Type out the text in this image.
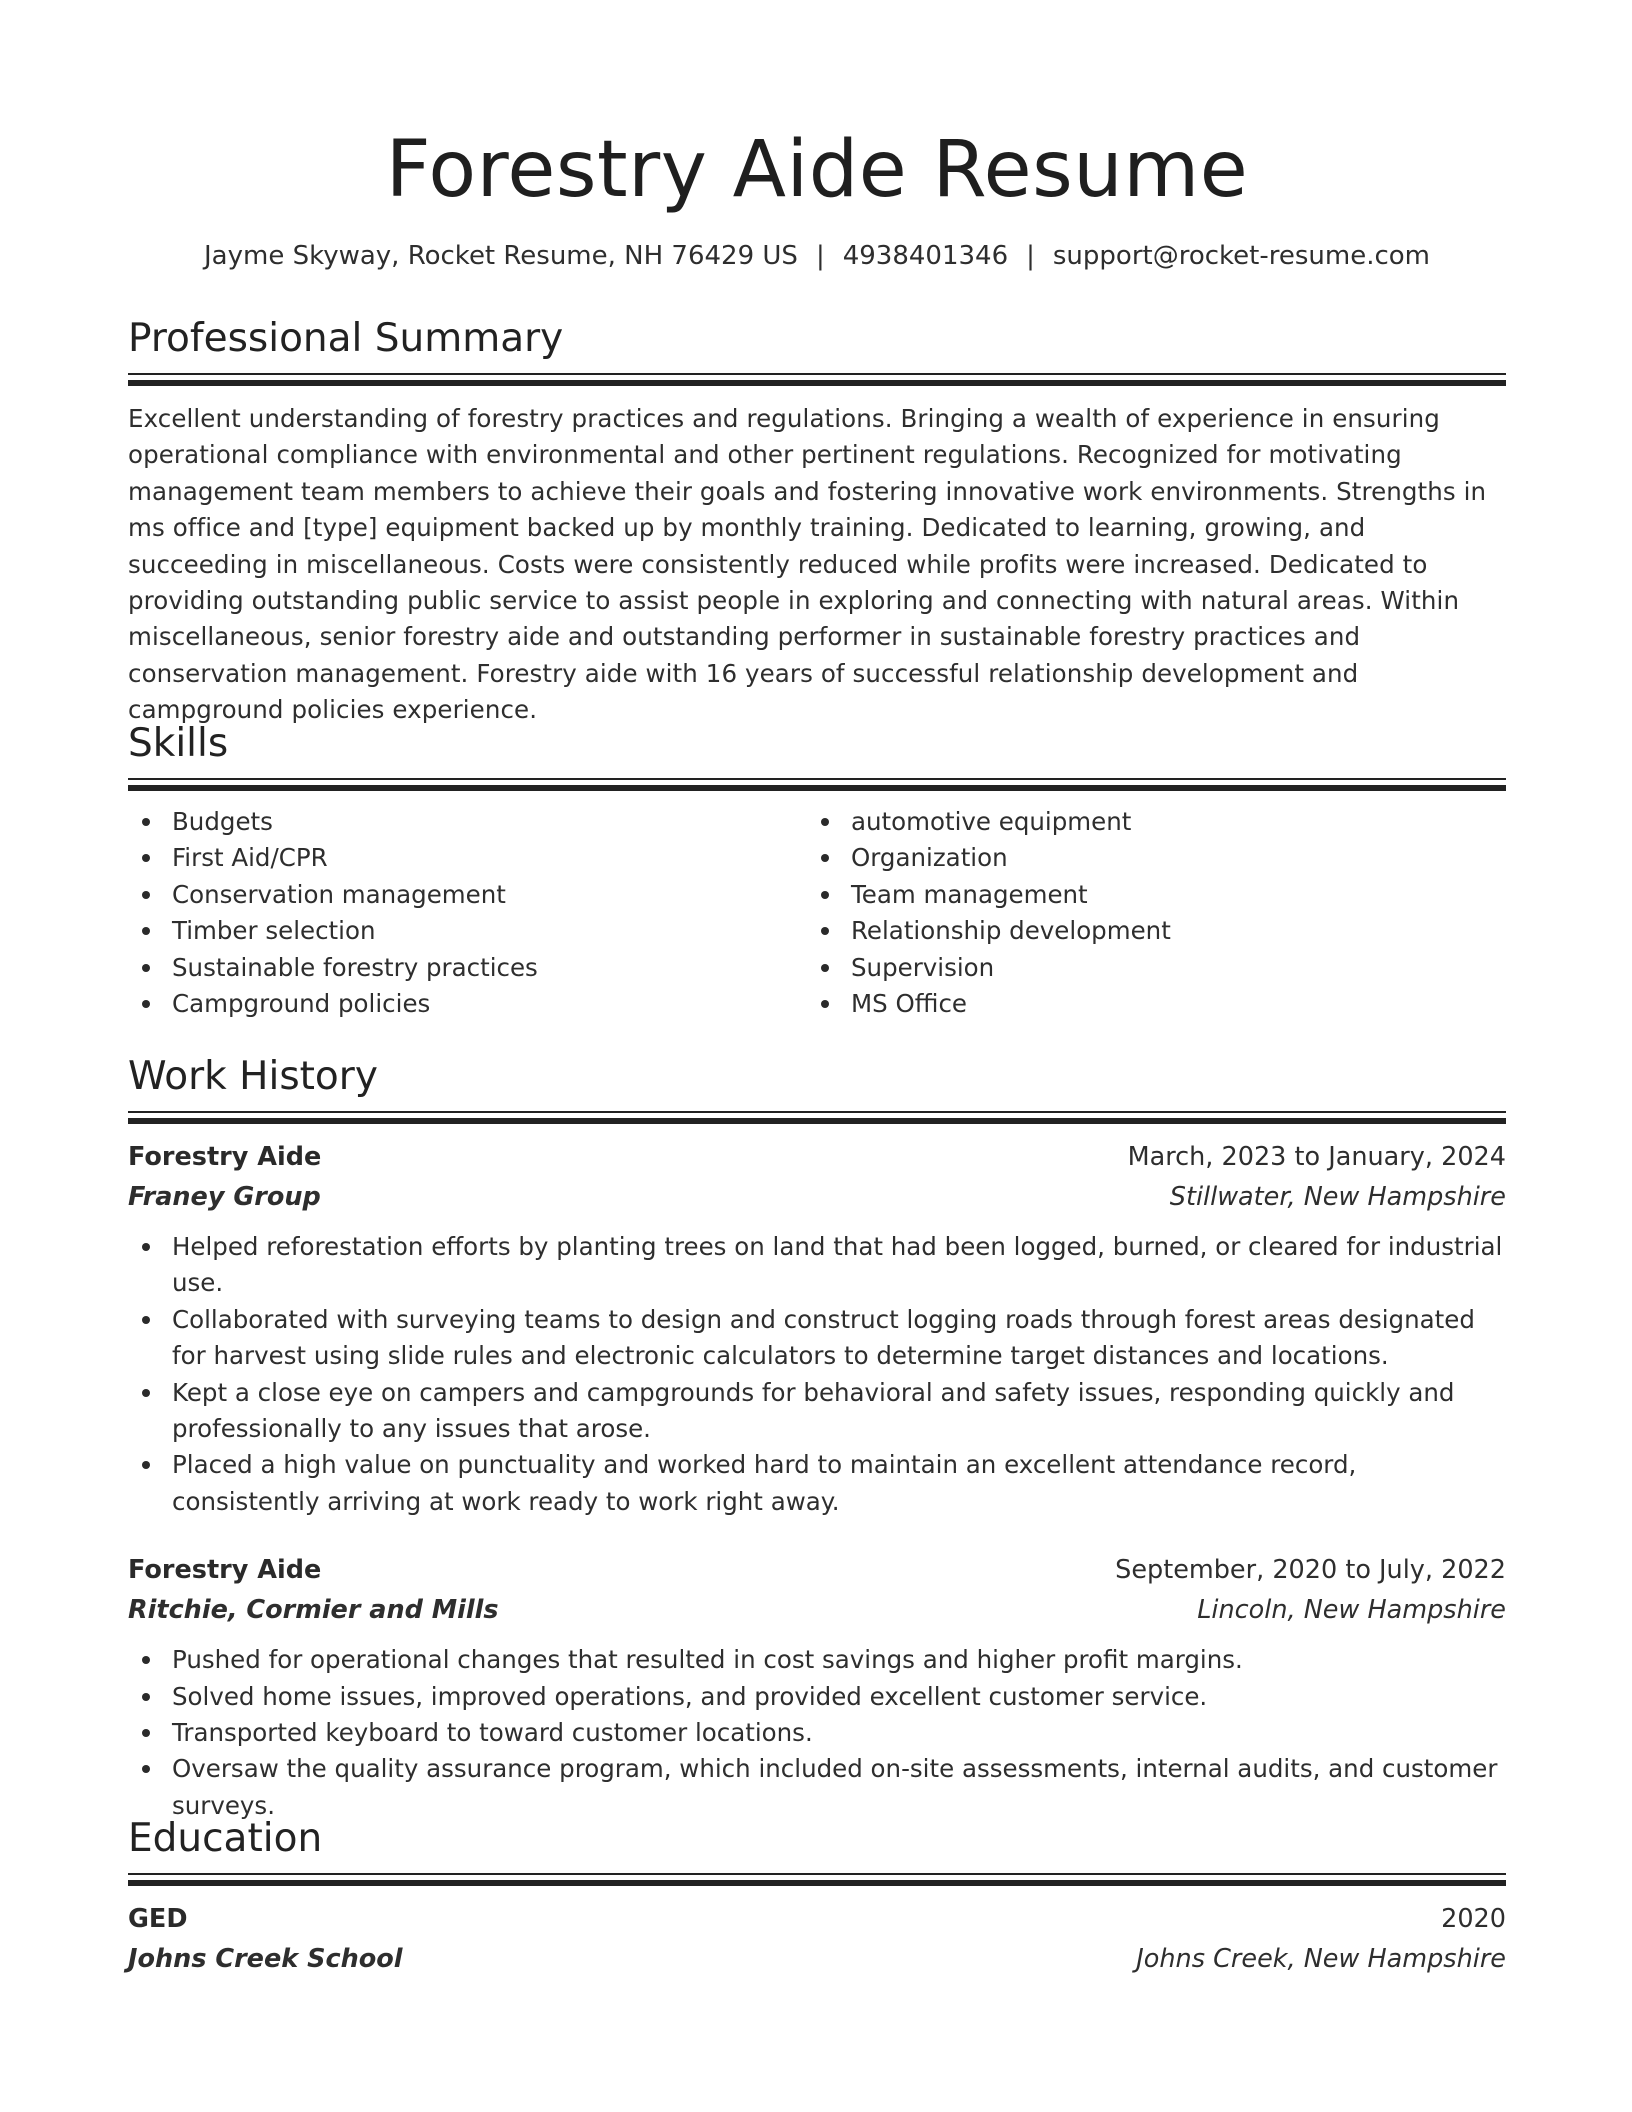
Forestry Aide Resume
Jayme Skyway, Rocket Resume, NH 76429 US | 4938401346 | support@rocket-resume.com
Professional Summary

Excellent understanding of forestry practices and regulations. Bringing a wealth of experience in ensuring operational compliance with environmental and other pertinent regulations. Recognized for motivating management team members to achieve their goals and fostering innovative work environments. Strengths in ms office and [type] equipment backed up by monthly training. Dedicated to learning, growing, and succeeding in miscellaneous. Costs were consistently reduced while profits were increased. Dedicated to providing outstanding public service to assist people in exploring and connecting with natural areas. Within miscellaneous, senior forestry aide and outstanding performer in sustainable forestry practices and conservation management. Forestry aide with 16 years of successful relationship development and campground policies experience.

Skills
Budgets
First Aid/CPR
Conservation management
Timber selection
Sustainable forestry practices
Campground policies
automotive equipment
Organization
Team management
Relationship development
Supervision
MS Office
Work History
Forestry Aide	March, 2023 to January, 2024
Franey Group	Stillwater, New Hampshire
Helped reforestation efforts by planting trees on land that had been logged, burned, or cleared for industrial use.
Collaborated with surveying teams to design and construct logging roads through forest areas designated for harvest using slide rules and electronic calculators to determine target distances and locations.
Kept a close eye on campers and campgrounds for behavioral and safety issues, responding quickly and professionally to any issues that arose.
Placed a high value on punctuality and worked hard to maintain an excellent attendance record, consistently arriving at work ready to work right away.
Forestry Aide	September, 2020 to July, 2022
Ritchie, Cormier and Mills	Lincoln, New Hampshire
Pushed for operational changes that resulted in cost savings and higher profit margins.
Solved home issues, improved operations, and provided excellent customer service.
Transported keyboard to toward customer locations.
Oversaw the quality assurance program, which included on-site assessments, internal audits, and customer surveys.
Education
GED	2020
Johns Creek School	Johns Creek, New Hampshire
